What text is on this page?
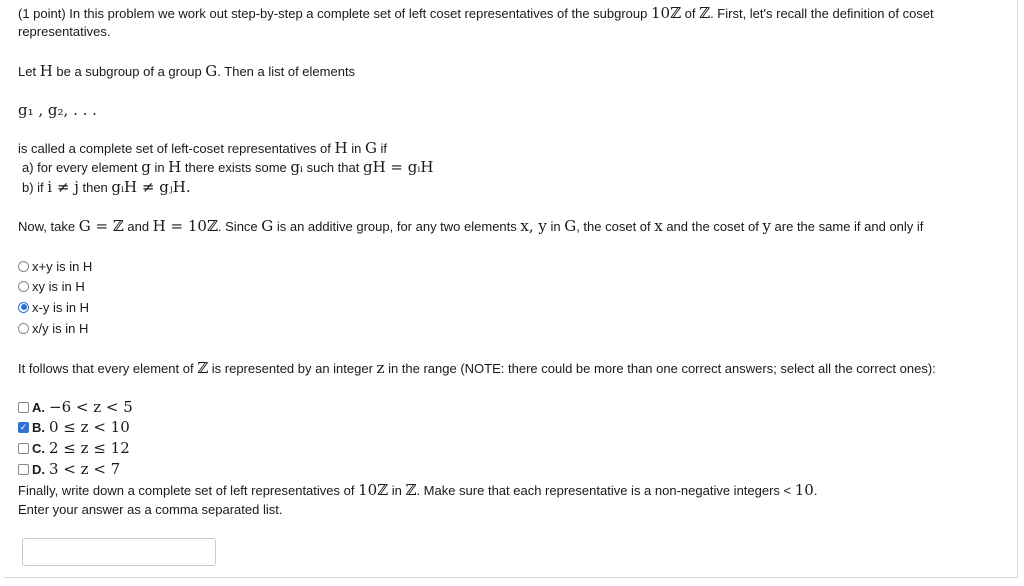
(1 point) In this problem we work out step-by-step a complete set of left coset representatives of the subgroup 10ℤ of ℤ. First, let's recall the definition of coset
representatives.
Let H be a subgroup of a group G. Then a list of elements
g₁ , g₂, . . .
is called a complete set of left-coset representatives of H in G if
a) for every element g in H there exists some gᵢ such that gH = gᵢH
b) if i ≠ j then gᵢH ≠ gⱼH.
Now, take G = ℤ and H = 10ℤ. Since G is an additive group, for any two elements x, y in G, the coset of x and the coset of y are the same if and only if
x+y is in H
xy is in H
x-y is in H
x/y is in H
It follows that every element of ℤ is represented by an integer z in the range (NOTE: there could be more than one correct answers; select all the correct ones):
A. −6 < z < 5
✓ B. 0 ≤ z < 10
C. 2 ≤ z ≤ 12
D. 3 < z < 7
Finally, write down a complete set of left representatives of 10ℤ in ℤ. Make sure that each representative is a non-negative integers < 10.
Enter your answer as a comma separated list.
